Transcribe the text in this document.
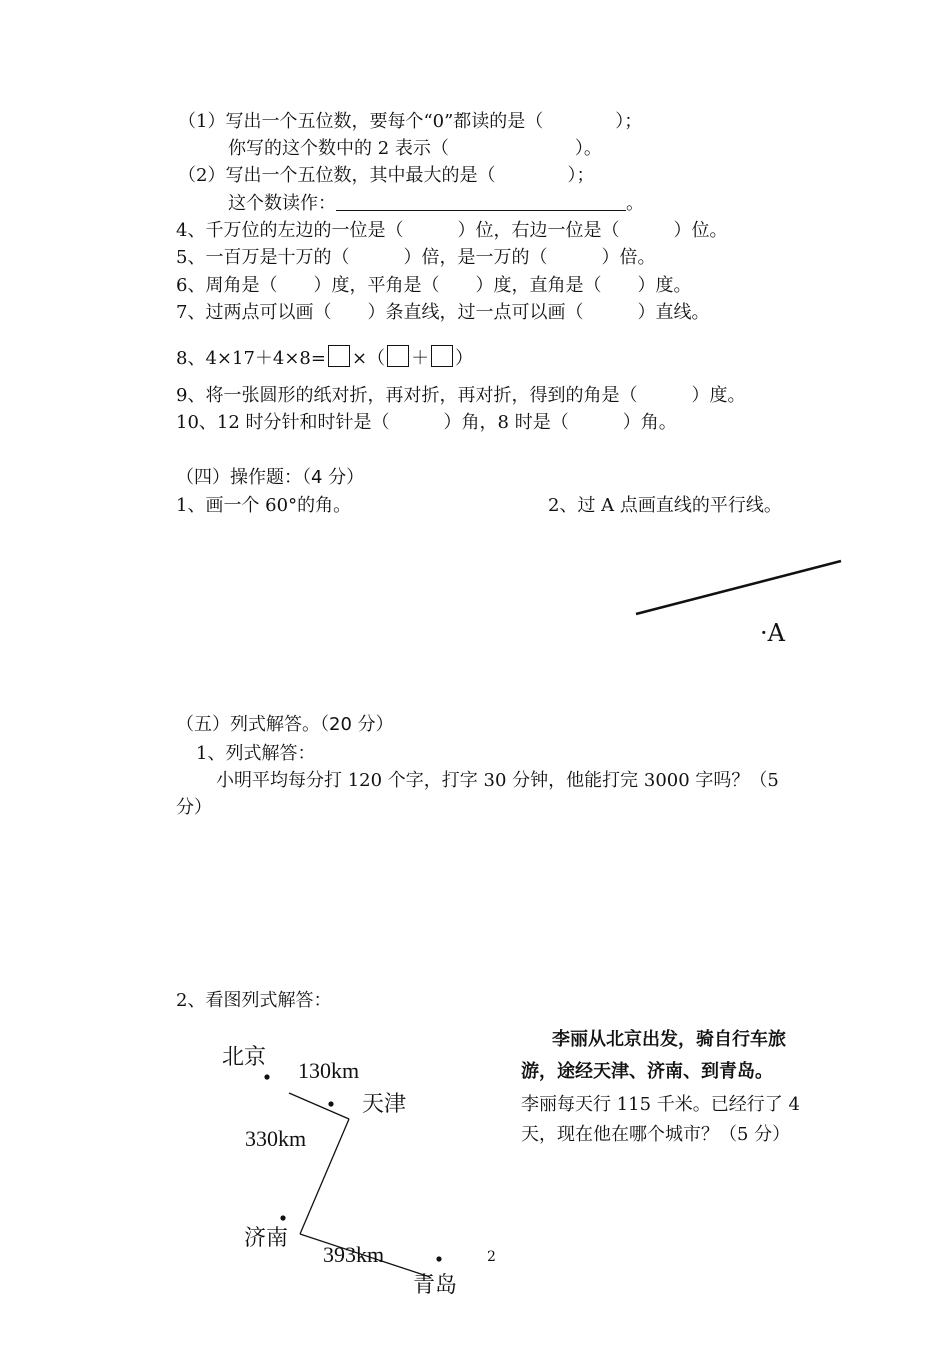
（1）写出一个五位数，要每个“0”都读的是（　　　　）；
你写的这个数中的 2 表示（　　　　　　　）。
（2）写出一个五位数，其中最大的是（　　　　）；
这个数读作：	。
4、千万位的左边的一位是（　　　）位，右边一位是（　　　）位。
5、一百万是十万的（　　　）倍，是一万的（　　　）倍。
6、周角是（　　）度，平角是（　　）度，直角是（　　）度。
7、过两点可以画（　　）条直线，过一点可以画（　　　）直线。
8、4×17＋4×8= ×（ ＋ ）
9、将一张圆形的纸对折，再对折，再对折，得到的角是（　　　）度。
10、12 时分针和时针是（　　　）角，8 时是（　　　）角。
（四）操作题：（4 分）
1、画一个 60°的角。	2、过 A 点画直线的平行线。
·A
（五）列式解答。（20 分）
1、列式解答：
小明平均每分打 120 个字，打字 30 分钟，他能打完 3000 字吗？（5
分）
2、看图列式解答：
北京
130km
天津
330km
济南
393km
青岛
李丽从北京出发，骑自行车旅
游，途经天津、济南、到青岛。
李丽每天行 115 千米。已经行了 4
天，现在他在哪个城市？（5 分）
2
